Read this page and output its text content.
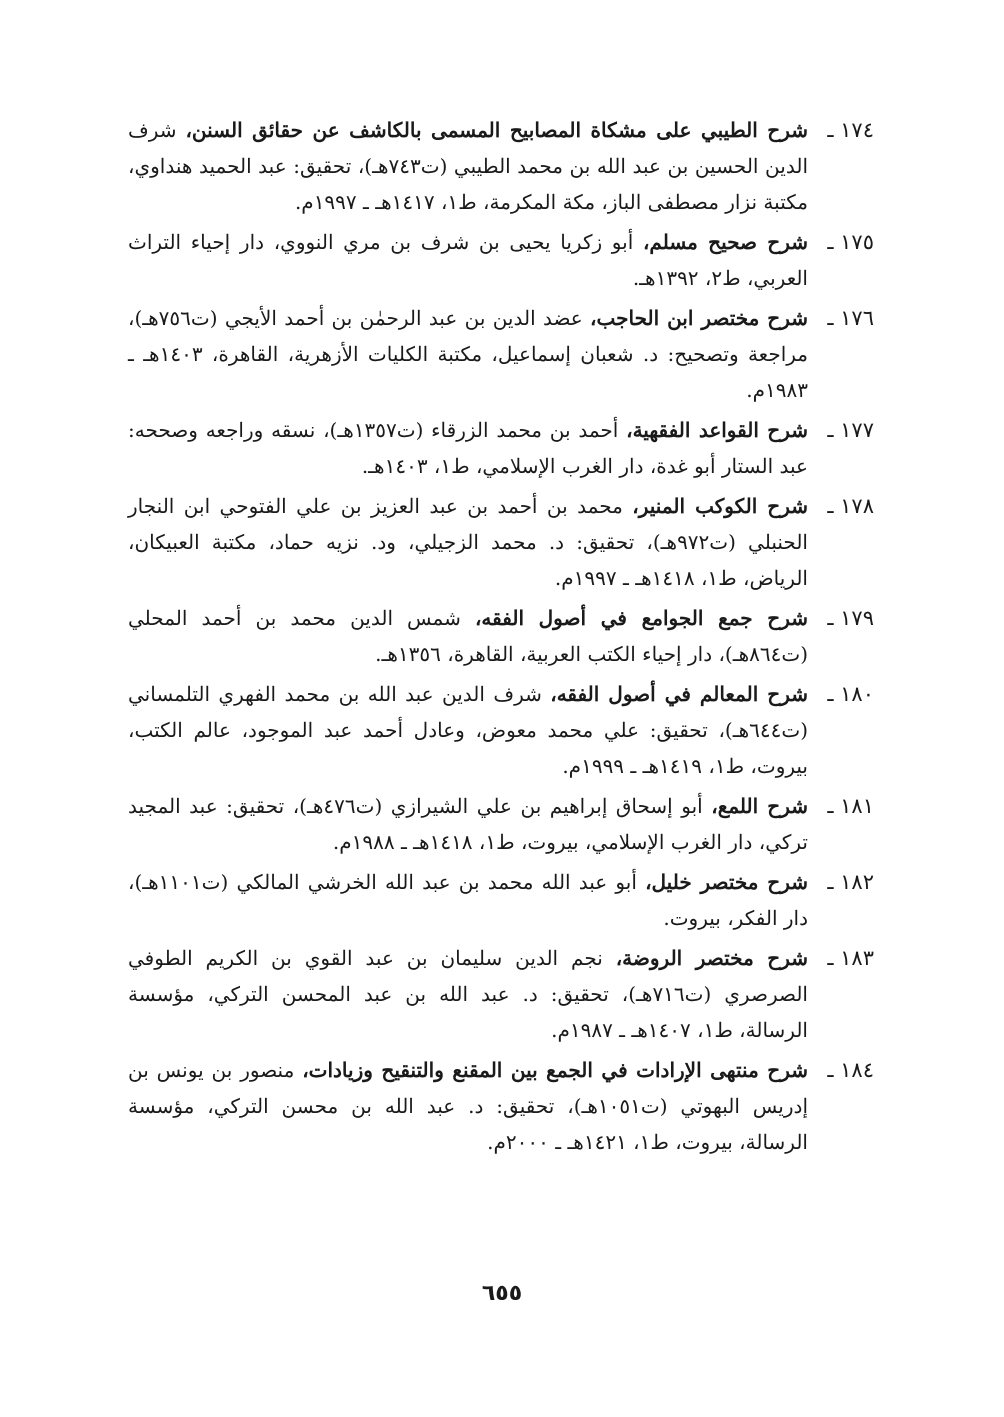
١٧٤ ـ
شرح الطيبي على مشكاة المصابيح المسمى بالكاشف عن حقائق السنن، شرف الدين الحسين بن عبد الله بن محمد الطيبي (ت٧٤٣هـ)، تحقيق: عبد الحميد هنداوي، مكتبة نزار مصطفى الباز، مكة المكرمة، ط١، ١٤١٧هـ ـ ١٩٩٧م.
١٧٥ ـ
شرح صحيح مسلم، أبو زكريا يحيى بن شرف بن مري النووي، دار إحياء التراث العربي، ط٢، ١٣٩٢هـ.
١٧٦ ـ
شرح مختصر ابن الحاجب، عضد الدين بن عبد الرحمٰن بن أحمد الأيجي (ت٧٥٦هـ)، مراجعة وتصحيح: د. شعبان إسماعيل، مكتبة الكليات الأزهرية، القاهرة، ١٤٠٣هـ ـ ١٩٨٣م.
١٧٧ ـ
شرح القواعد الفقهية، أحمد بن محمد الزرقاء (ت١٣٥٧هـ)، نسقه وراجعه وصححه: عبد الستار أبو غدة، دار الغرب الإسلامي، ط١، ١٤٠٣هـ.
١٧٨ ـ
شرح الكوكب المنير، محمد بن أحمد بن عبد العزيز بن علي الفتوحي ابن النجار الحنبلي (ت٩٧٢هـ)، تحقيق: د. محمد الزجيلي، ود. نزيه حماد، مكتبة العبيكان، الرياض، ط١، ١٤١٨هـ ـ ١٩٩٧م.
١٧٩ ـ
شرح جمع الجوامع في أصول الفقه، شمس الدين محمد بن أحمد المحلي (ت٨٦٤هـ)، دار إحياء الكتب العربية، القاهرة، ١٣٥٦هـ.
١٨٠ ـ
شرح المعالم في أصول الفقه، شرف الدين عبد الله بن محمد الفهري التلمساني (ت٦٤٤هـ)، تحقيق: علي محمد معوض، وعادل أحمد عبد الموجود، عالم الكتب، بيروت، ط١، ١٤١٩هـ ـ ١٩٩٩م.
١٨١ ـ
شرح اللمع، أبو إسحاق إبراهيم بن علي الشيرازي (ت٤٧٦هـ)، تحقيق: عبد المجيد تركي، دار الغرب الإسلامي، بيروت، ط١، ١٤١٨هـ ـ ١٩٨٨م.
١٨٢ ـ
شرح مختصر خليل، أبو عبد الله محمد بن عبد الله الخرشي المالكي (ت١١٠١هـ)، دار الفكر، بيروت.
١٨٣ ـ
شرح مختصر الروضة، نجم الدين سليمان بن عبد القوي بن الكريم الطوفي الصرصري (ت٧١٦هـ)، تحقيق: د. عبد الله بن عبد المحسن التركي، مؤسسة الرسالة، ط١، ١٤٠٧هـ ـ ١٩٨٧م.
١٨٤ ـ
شرح منتهى الإرادات في الجمع بين المقنع والتنقيح وزيادات، منصور بن يونس بن إدريس البهوتي (ت١٠٥١هـ)، تحقيق: د. عبد الله بن محسن التركي، مؤسسة الرسالة، بيروت، ط١، ١٤٢١هـ ـ ٢٠٠٠م.
٦٥٥
